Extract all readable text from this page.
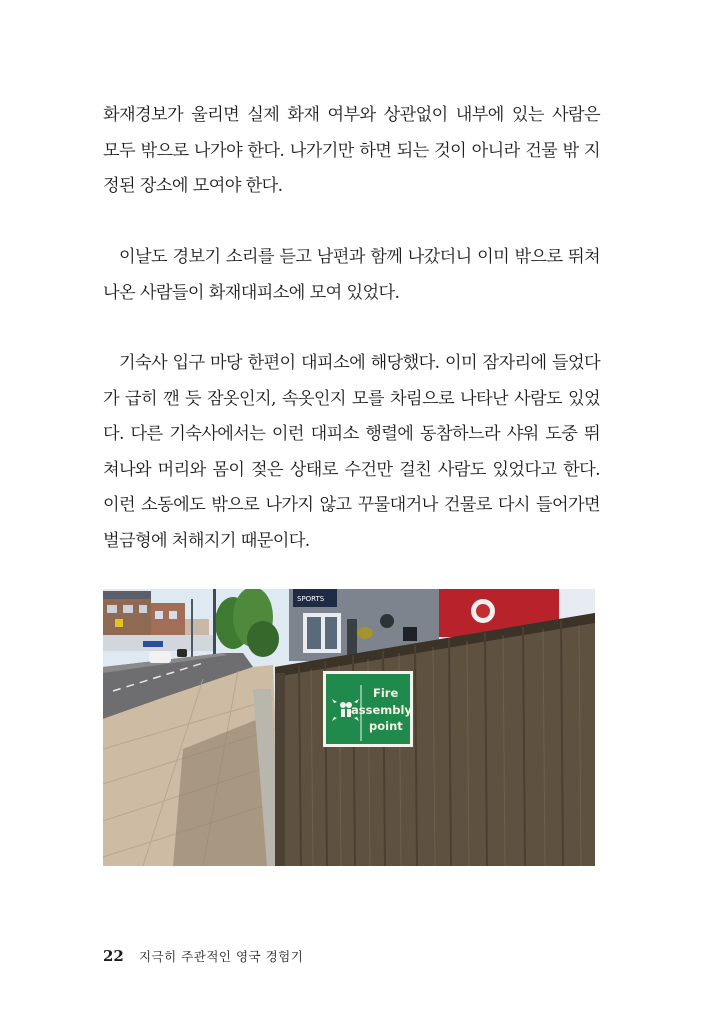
화재경보가 울리면 실제 화재 여부와 상관없이 내부에 있는 사람은
모두 밖으로 나가야 한다. 나가기만 하면 되는 것이 아니라 건물 밖 지
정된 장소에 모여야 한다.

이날도 경보기 소리를 듣고 남편과 함께 나갔더니 이미 밖으로 뛰쳐
나온 사람들이 화재대피소에 모여 있었다.

기숙사 입구 마당 한편이 대피소에 해당했다. 이미 잠자리에 들었다
가 급히 깬 듯 잠옷인지, 속옷인지 모를 차림으로 나타난 사람도 있었
다. 다른 기숙사에서는 이런 대피소 행렬에 동참하느라 샤워 도중 뛰
쳐나와 머리와 몸이 젖은 상태로 수건만 걸친 사람도 있었다고 한다.
이런 소동에도 밖으로 나가지 않고 꾸물대거나 건물로 다시 들어가면
벌금형에 처해지기 때문이다.

SPORTS
Fire
assembly
point
22 지극히 주관적인 영국 경험기
